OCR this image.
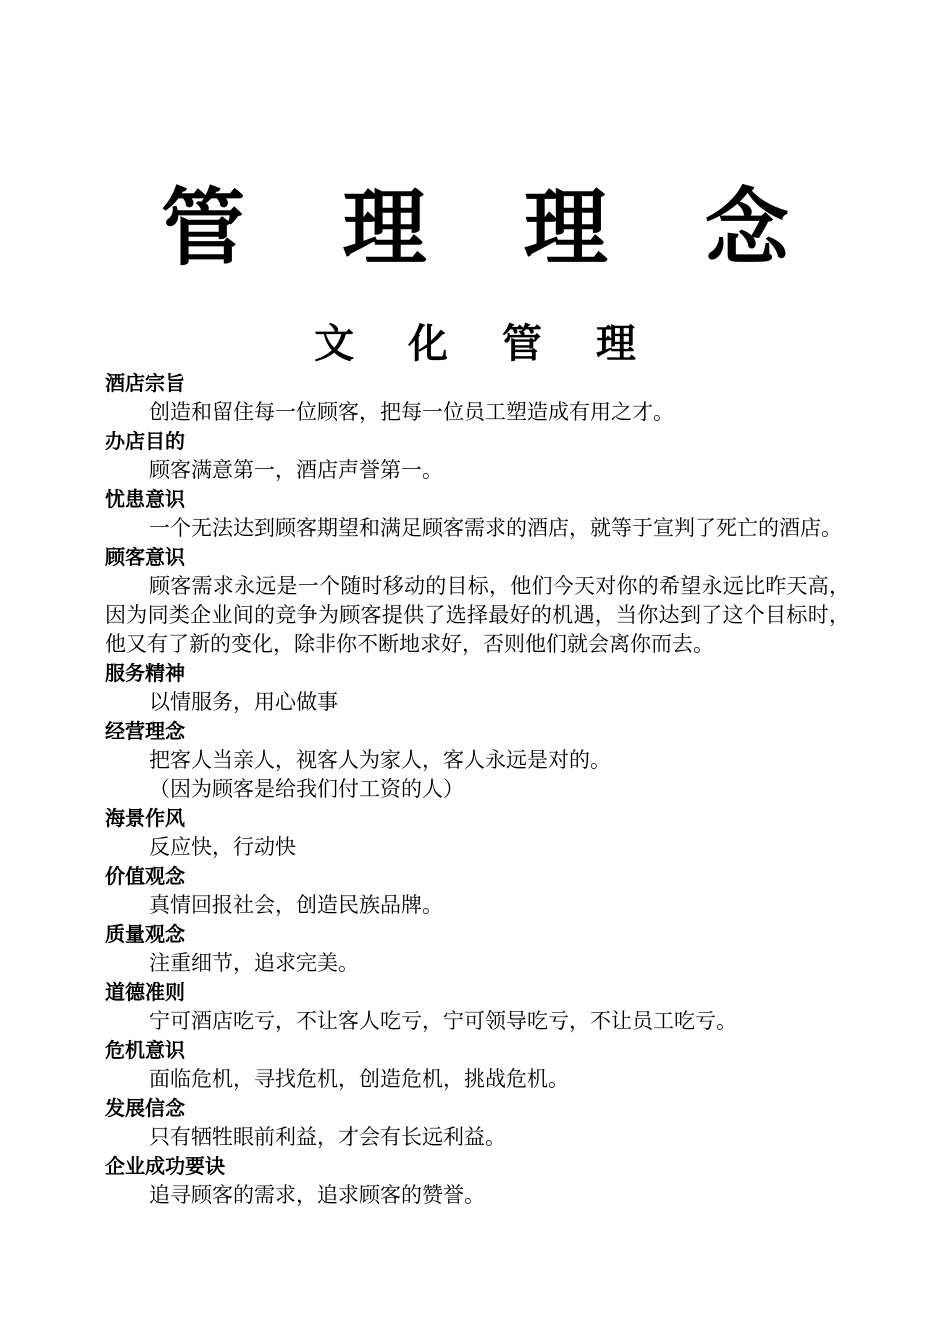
管 理 理 念
文 化 管 理

酒店宗旨

创造和留住每一位顾客，把每一位员工塑造成有用之才。

办店目的

顾客满意第一，酒店声誉第一。

忧患意识

一个无法达到顾客期望和满足顾客需求的酒店，就等于宣判了死亡的酒店。

顾客意识

顾客需求永远是一个随时移动的目标，他们今天对你的希望永远比昨天高，因为同类企业间的竞争为顾客提供了选择最好的机遇，当你达到了这个目标时，他又有了新的变化，除非你不断地求好，否则他们就会离你而去。

服务精神

以情服务，用心做事

经营理念

把客人当亲人，视客人为家人，客人永远是对的。

（因为顾客是给我们付工资的人）

海景作风

反应快，行动快

价值观念

真情回报社会，创造民族品牌。

质量观念

注重细节，追求完美。

道德准则

宁可酒店吃亏，不让客人吃亏，宁可领导吃亏，不让员工吃亏。

危机意识

面临危机，寻找危机，创造危机，挑战危机。

发展信念

只有牺牲眼前利益，才会有长远利益。

企业成功要诀

追寻顾客的需求，追求顾客的赞誉。
